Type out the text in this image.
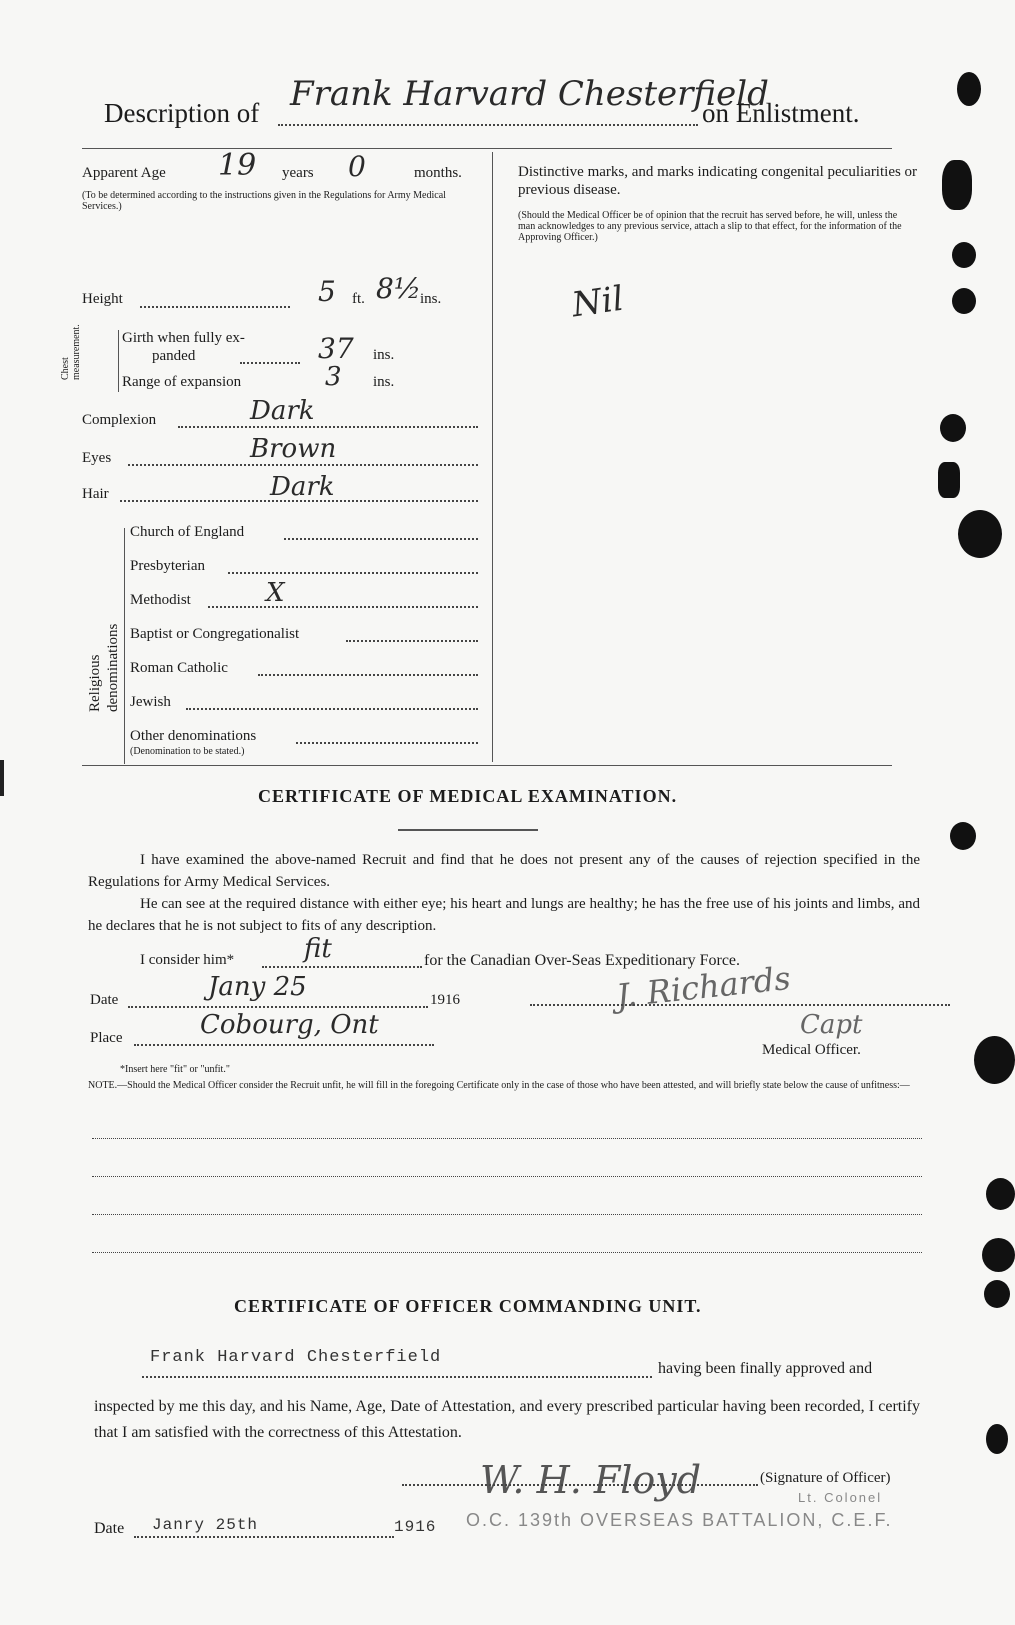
Description of Frank Harvard Chesterfield
on Enlistment.
Apparent Age 19 years 0	months.
(To be determined according to the instructions given in the Regulations for Army Medical Services.)
Height	5 ft. 8½ ins.
Chest measurement.	Girth when fully ex-
panded	37 ins.
Range of expansion	3 ins.
Complexion	Dark
Eyes	Brown
Hair	Dark
Religious denominations
Church of England
Presbyterian
Methodist	X
Baptist or Congregationalist
Roman Catholic
Jewish
Other denominations
(Denomination to be stated.)
Distinctive marks, and marks indicating congenital peculiarities or previous disease.
(Should the Medical Officer be of opinion that the recruit has served before, he will, unless the man acknowledges to any previous service, attach a slip to that effect, for the information of the Approving Officer.)
Nil
CERTIFICATE OF MEDICAL EXAMINATION.
I have examined the above-named Recruit and find that he does not present any of the causes of rejection specified in the Regulations for Army Medical Services.
He can see at the required distance with either eye; his heart and lungs are healthy; he has the free use of his joints and limbs, and he declares that he is not subject to fits of any description.
I consider him*	fit	for the Canadian Over-Seas Expeditionary Force.
Date	Jany 25	1916
Place	Cobourg, Ont
J. Richards
Capt
Medical Officer.
*Insert here "fit" or "unfit."
NOTE.—Should the Medical Officer consider the Recruit unfit, he will fill in the foregoing Certificate only in the case of those who have been attested, and will briefly state below the cause of unfitness:—
CERTIFICATE OF OFFICER COMMANDING UNIT.
Frank Harvard Chesterfield
having been finally approved and
inspected by me this day, and his Name, Age, Date of Attestation, and every prescribed particular having been recorded, I certify that I am satisfied with the correctness of this Attestation.
W. H. Floyd	(Signature of Officer)
Lt. Colonel
O.C. 139th OVERSEAS BATTALION, C.E.F.
Date Janry 25th	1916
